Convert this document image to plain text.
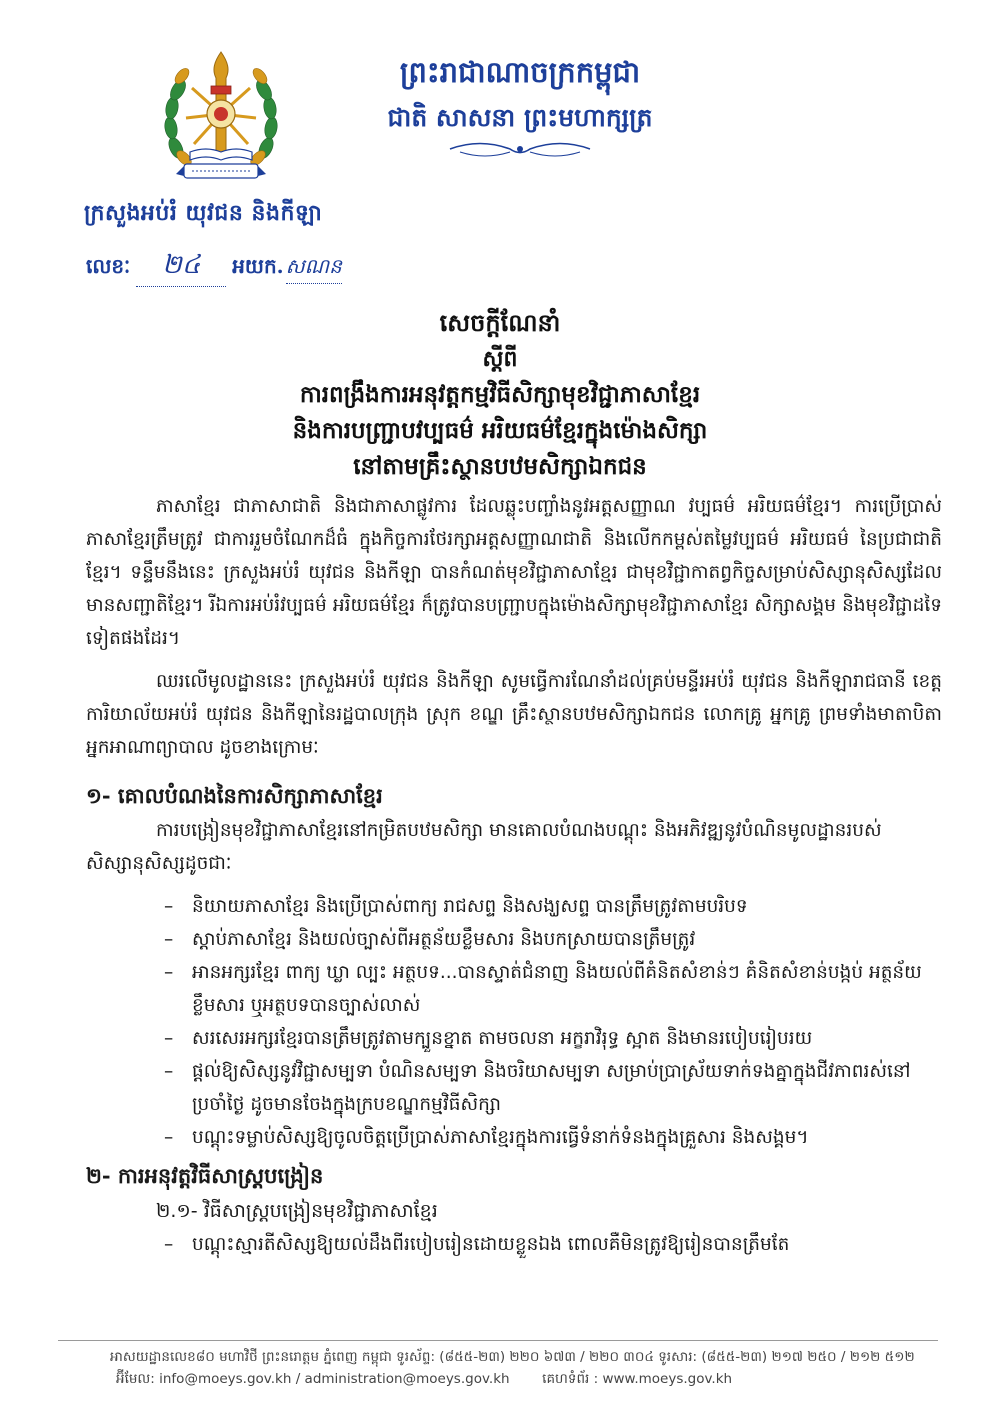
ព្រះរាជាណាចក្រកម្ពុជា
ជាតិ សាសនា ព្រះមហាក្សត្រ
ក្រសួងអប់រំ យុវជន និងកីឡា
លេខៈ	២៤	អយក. សណន
សេចក្តីណែនាំ
ស្តីពី
ការពង្រឹងការអនុវត្តកម្មវិធីសិក្សាមុខវិជ្ជាភាសាខ្មែរ
និងការបញ្ជ្រាបវប្បធម៌ អរិយធម៌ខ្មែរក្នុងម៉ោងសិក្សា
នៅតាមគ្រឹះស្ថានបឋមសិក្សាឯកជន

ភាសាខ្មែរ ជាភាសាជាតិ និងជាភាសាផ្លូវការ ដែលឆ្លុះបញ្ចាំងនូវអត្តសញ្ញាណ វប្បធម៌ អរិយធម៌ខ្មែរ។ ការប្រើប្រាស់ភាសាខ្មែរត្រឹមត្រូវ ជាការរួមចំណែកដ៏ធំ ក្នុងកិច្ចការថែរក្សាអត្តសញ្ញាណជាតិ និងលើកកម្ពស់តម្លៃវប្បធម៌ អរិយធម៌ នៃប្រជាជាតិខ្មែរ។ ទន្ទឹមនឹងនេះ ក្រសួងអប់រំ យុវជន និងកីឡា បានកំណត់មុខវិជ្ជាភាសាខ្មែរ ជាមុខវិជ្ជាកាតព្វកិច្ចសម្រាប់សិស្សានុសិស្សដែលមានសញ្ជាតិខ្មែរ។ រីឯការអប់រំវប្បធម៌ អរិយធម៌ខ្មែរ ក៏ត្រូវបានបញ្ជ្រាបក្នុងម៉ោងសិក្សាមុខវិជ្ជាភាសាខ្មែរ សិក្សាសង្គម និងមុខវិជ្ជាដទៃទៀតផងដែរ។

ឈរលើមូលដ្ឋាននេះ ក្រសួងអប់រំ យុវជន និងកីឡា សូមធ្វើការណែនាំដល់គ្រប់មន្ទីរអប់រំ យុវជន និងកីឡារាជធានី ខេត្ត ការិយាល័យអប់រំ យុវជន និងកីឡានៃរដ្ឋបាលក្រុង ស្រុក ខណ្ឌ គ្រឹះស្ថានបឋមសិក្សាឯកជន លោកគ្រូ អ្នកគ្រូ ព្រមទាំងមាតាបិតា អ្នកអាណាព្យាបាល ដូចខាងក្រោមៈ

១- គោលបំណងនៃការសិក្សាភាសាខ្មែរ

ការបង្រៀនមុខវិជ្ជាភាសាខ្មែរនៅកម្រិតបឋមសិក្សា មានគោលបំណងបណ្តុះ និងអភិវឌ្ឍនូវបំណិនមូលដ្ឋានរបស់សិស្សានុសិស្សដូចជាៈ

– និយាយភាសាខ្មែរ និងប្រើប្រាស់ពាក្យ រាជសព្ទ និងសង្ឃសព្ទ បានត្រឹមត្រូវតាមបរិបទ
– ស្តាប់ភាសាខ្មែរ និងយល់ច្បាស់ពីអត្ថន័យខ្លឹមសារ និងបកស្រាយបានត្រឹមត្រូវ
– អានអក្សរខ្មែរ ពាក្យ ឃ្លា ល្បះ អត្ថបទ...បានស្ទាត់ជំនាញ និងយល់ពីគំនិតសំខាន់ៗ គំនិតសំខាន់បង្កប់ អត្ថន័យខ្លឹមសារ ឬអត្ថបទបានច្បាស់លាស់
– សរសេរអក្សរខ្មែរបានត្រឹមត្រូវតាមក្បួនខ្នាត តាមចលនា អក្ខរាវិរុទ្ធ ស្អាត និងមានរបៀបរៀបរយ
– ផ្តល់ឱ្យសិស្សនូវវិជ្ជាសម្បទា បំណិនសម្បទា និងចរិយាសម្បទា សម្រាប់ប្រាស្រ័យទាក់ទងគ្នាក្នុងជីវភាពរស់នៅប្រចាំថ្ងៃ ដូចមានចែងក្នុងក្របខណ្ឌកម្មវិធីសិក្សា
– បណ្តុះទម្លាប់សិស្សឱ្យចូលចិត្តប្រើប្រាស់ភាសាខ្មែរក្នុងការធ្វើទំនាក់ទំនងក្នុងគ្រួសារ និងសង្គម។
២- ការអនុវត្តវិធីសាស្ត្របង្រៀន
២.១- វិធីសាស្ត្របង្រៀនមុខវិជ្ជាភាសាខ្មែរ
– បណ្តុះស្មារតីសិស្សឱ្យយល់ដឹងពីរបៀបរៀនដោយខ្លួនឯង ពោលគឺមិនត្រូវឱ្យរៀនបានត្រឹមតែ
អាសយដ្ឋានលេខ៨០ មហាវិថី ព្រះនរោត្តម ភ្នំពេញ កម្ពុជា ទូរស័ព្ទ: (៨៥៥-២៣) ២២០ ៦៧៣ / ២២០ ៣០៤ ទូរសារ: (៨៥៥-២៣) ២១៧ ២៥០ / ២១២ ៥១២
អ៊ីមែល: info@moeys.gov.kh / administration@moeys.gov.kh គេហទំព័រ : www.moeys.gov.kh
